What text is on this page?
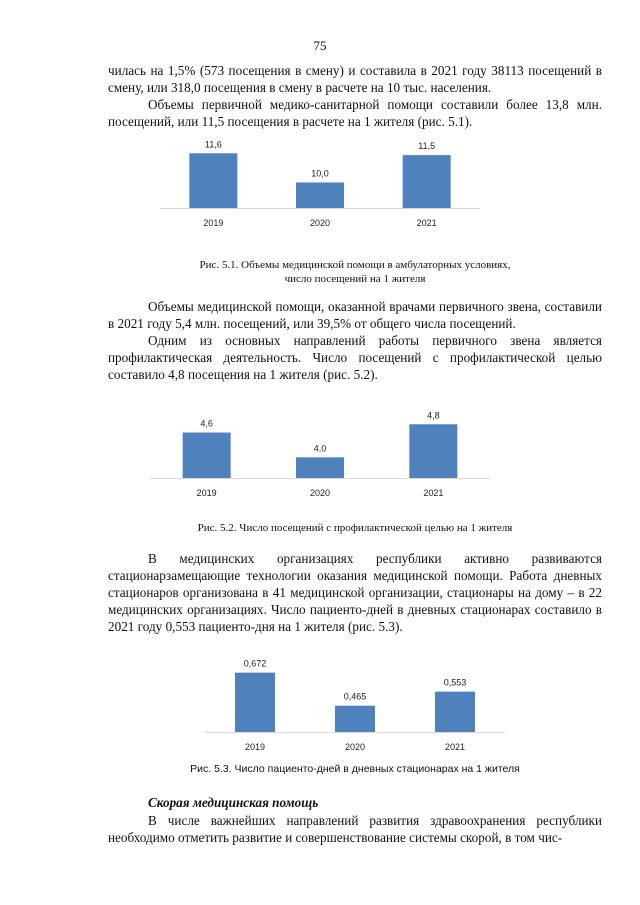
75

чилась на 1,5% (573 посещения в смену) и составила в 2021 году 38113 посещений в смену, или 318,0 посещения в смену в расчете на 10 тыс. населения.

Объемы первичной медико-санитарной помощи составили более 13,8 млн. посещений, или 11,5 посещения в расчете на 1 жителя (рис. 5.1).

11,6
2019
10,0
2020
11,5
2021
Рис. 5.1. Объемы медицинской помощи в амбулаторных условиях,
число посещений на 1 жителя

Объемы медицинской помощи, оказанной врачами первичного звена, составили в 2021 году 5,4 млн. посещений, или 39,5% от общего числа посещений.

Одним из основных направлений работы первичного звена является профилактическая деятельность. Число посещений с профилактической целью составило 4,8 посещения на 1 жителя (рис. 5.2).

4,6
2019
4,0
2020
4,8
2021
Рис. 5.2. Число посещений с профилактической целью на 1 жителя

В медицинских организациях республики активно развиваются стационарзамещающие технологии оказания медицинской помощи. Работа дневных стационаров организована в 41 медицинской организации, стационары на дому – в 22 медицинских организациях. Число пациенто-дней в дневных стационарах составило в 2021 году 0,553 пациенто-дня на 1 жителя (рис. 5.3).

0,672
2019
0,465
2020
0,553
2021
Рис. 5.3. Число пациенто-дней в дневных стационарах на 1 жителя
Скорая медицинская помощь

В числе важнейших направлений развития здравоохранения республики необходимо отметить развитие и совершенствование системы скорой, в том чис-
